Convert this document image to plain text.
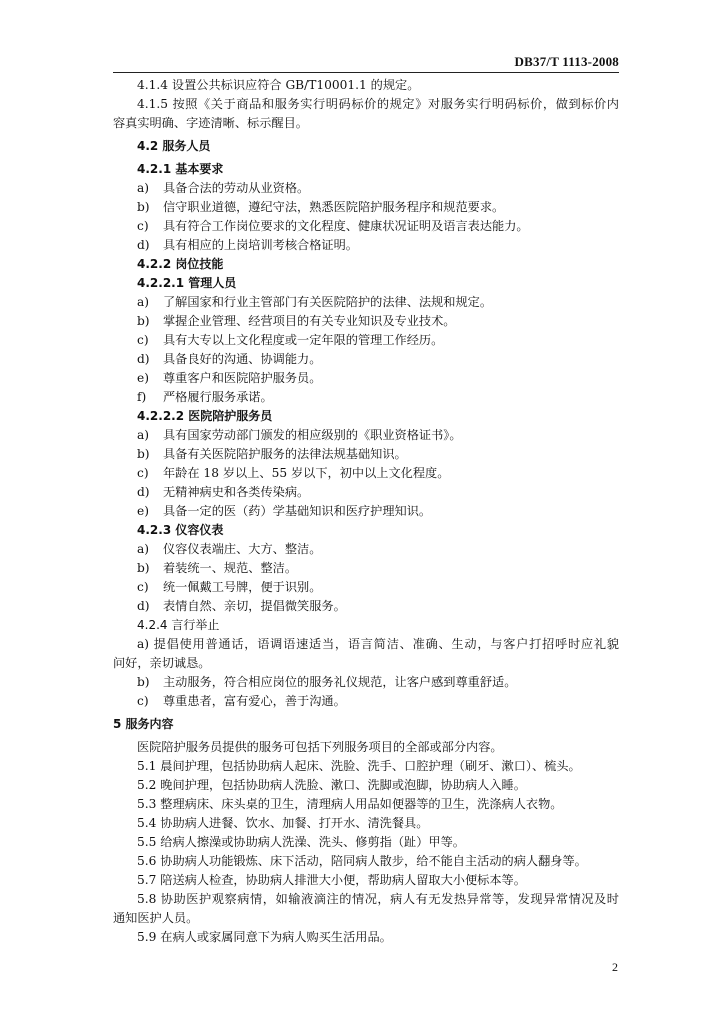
DB37/T 1113-2008
4.1.4 设置公共标识应符合 GB/T10001.1 的规定。
4.1.5 按照《关于商品和服务实行明码标价的规定》对服务实行明码标价，做到标价内
容真实明确、字迹清晰、标示醒目。
4.2 服务人员
4.2.1 基本要求
a) 具备合法的劳动从业资格。
b) 信守职业道德，遵纪守法，熟悉医院陪护服务程序和规范要求。
c) 具有符合工作岗位要求的文化程度、健康状况证明及语言表达能力。
d) 具有相应的上岗培训考核合格证明。
4.2.2 岗位技能
4.2.2.1 管理人员
a) 了解国家和行业主管部门有关医院陪护的法律、法规和规定。
b) 掌握企业管理、经营项目的有关专业知识及专业技术。
c) 具有大专以上文化程度或一定年限的管理工作经历。
d) 具备良好的沟通、协调能力。
e) 尊重客户和医院陪护服务员。
f) 严格履行服务承诺。
4.2.2.2 医院陪护服务员
a) 具有国家劳动部门颁发的相应级别的《职业资格证书》。
b) 具备有关医院陪护服务的法律法规基础知识。
c) 年龄在 18 岁以上、55 岁以下，初中以上文化程度。
d) 无精神病史和各类传染病。
e) 具备一定的医（药）学基础知识和医疗护理知识。
4.2.3 仪容仪表
a) 仪容仪表端庄、大方、整洁。
b) 着装统一、规范、整洁。
c) 统一佩戴工号牌，便于识别。
d) 表情自然、亲切，提倡微笑服务。
4.2.4 言行举止
a) 提倡使用普通话，语调语速适当，语言简洁、准确、生动，与客户打招呼时应礼貌
问好，亲切诚恳。
b) 主动服务，符合相应岗位的服务礼仪规范，让客户感到尊重舒适。
c) 尊重患者，富有爱心，善于沟通。
5 服务内容
医院陪护服务员提供的服务可包括下列服务项目的全部或部分内容。
5.1 晨间护理，包括协助病人起床、洗脸、洗手、口腔护理（刷牙、漱口）、梳头。
5.2 晚间护理，包括协助病人洗脸、漱口、洗脚或泡脚，协助病人入睡。
5.3 整理病床、床头桌的卫生，清理病人用品如便器等的卫生，洗涤病人衣物。
5.4 协助病人进餐、饮水、加餐、打开水、清洗餐具。
5.5 给病人擦澡或协助病人洗澡、洗头、修剪指（趾）甲等。
5.6 协助病人功能锻炼、床下活动，陪同病人散步，给不能自主活动的病人翻身等。
5.7 陪送病人检查，协助病人排泄大小便，帮助病人留取大小便标本等。
5.8 协助医护观察病情，如输液滴注的情况，病人有无发热异常等，发现异常情况及时
通知医护人员。
5.9 在病人或家属同意下为病人购买生活用品。
2
